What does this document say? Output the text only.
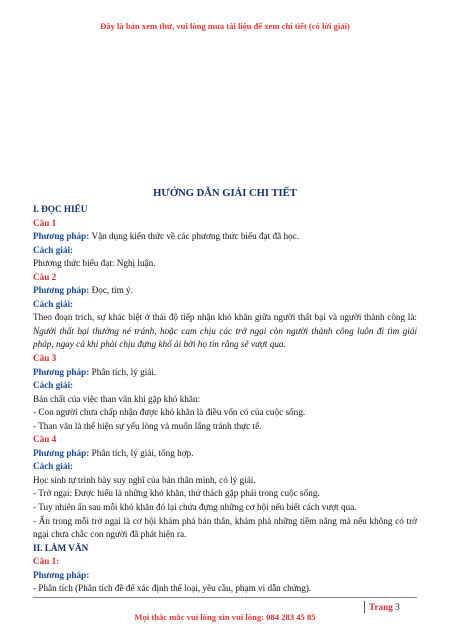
Đây là bản xem thử, vui lòng mua tài liệu để xem chi tiết (có lời giải)
HƯỚNG DẪN GIẢI CHI TIẾT

I. ĐỌC HIỂU

Câu 1

Phương pháp: Vận dụng kiến thức về các phương thức biểu đạt đã học.

Cách giải:

Phương thức biểu đạt: Nghị luận.

Câu 2

Phương pháp: Đọc, tìm ý.

Cách giải:

Theo đoạn trích, sự khác biệt ở thái độ tiếp nhận khó khăn giữa người thất bại và người thành công là: Người thất bại thường né tránh, hoặc cam chịu các trở ngại còn người thành công luôn đi tìm giải pháp, ngay cả khi phải chịu đựng khổ ải bởi họ tin rằng sẽ vượt qua.

Câu 3

Phương pháp: Phân tích, lý giải.

Cách giải:

Bản chất của việc than vãn khi gặp khó khăn:

- Con người chưa chấp nhận được khó khăn là điều vốn có của cuộc sống.

- Than vãn là thể hiện sự yếu lòng và muốn lẩng tránh thực tế.

Câu 4

Phương pháp: Phân tích, lý giải, tổng hợp.

Cách giải:

Học sinh tự trình bày suy nghĩ của bản thân mình, có lý giải.

- Trở ngại: Được hiểu là những khó khăn, thử thách gặp phải trong cuộc sống.

- Tuy nhiên ẩn sau mỗi khó khăn đó lại chứa đựng những cơ hội nếu biết cách vượt qua.

- Ẩn trong mỗi trở ngại là cơ hội khám phá bản thân, khám phá những tiềm năng mà nếu không có trở ngại chưa chắc con người đã phát hiện ra.

II. LÀM VĂN

Câu 1:

Phương pháp:

- Phân tích (Phân tích đề để xác định thể loại, yêu cầu, phạm vi dẫn chứng).

Trang 3
Mọi thắc mắc vui lòng xin vui lòng: 084 283 45 85
